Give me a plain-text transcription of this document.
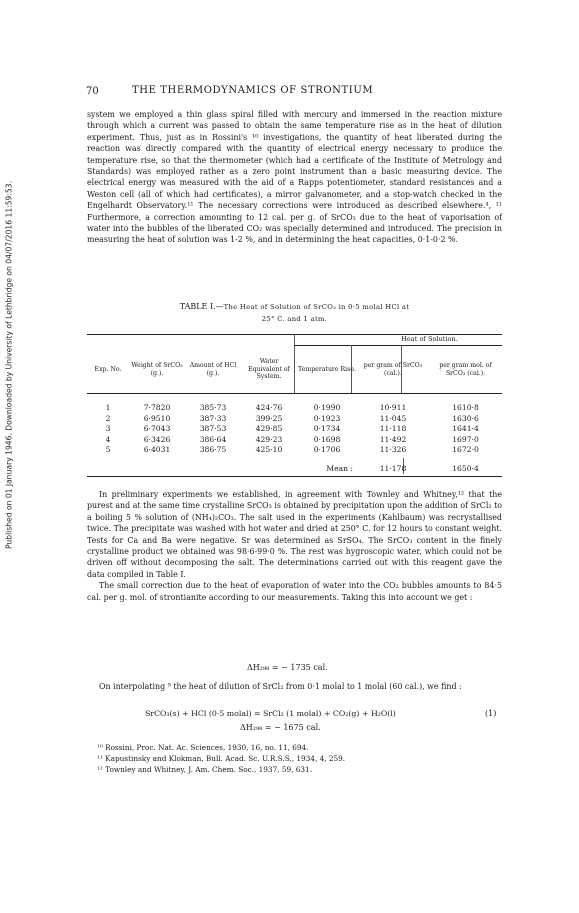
Published on 01 January 1946. Downloaded by University of Lethbridge on 04/07/2016 11:59:53.
70	THE THERMODYNAMICS OF STRONTIUM

system we employed a thin glass spiral filled with mercury and immersed in the reaction mixture through which a current was passed to obtain the same temperature rise as in the heat of dilution experiment. Thus, just as in Rossini's ¹⁰ investigations, the quantity of heat liberated during the reaction was directly compared with the quantity of electrical energy necessary to produce the temperature rise, so that the thermometer (which had a certificate of the Institute of Metrology and Standards) was employed rather as a zero point instrument than a basic measuring device. The electrical energy was measured with the aid of a Rapps potentiometer, standard resistances and a Weston cell (all of which had certificates), a mirror galvanometer, and a stop-watch checked in the Engelhardt Observatory.¹¹ The necessary corrections were introduced as described elsewhere.⁴, ¹¹ Furthermore, a correction amounting to 12 cal. per g. of SrCO₃ due to the heat of vaporisation of water into the bubbles of the liberated CO₂ was specially determined and introduced. The precision in measuring the heat of solution was 1-2 %, and in determining the heat capacities, 0·1-0·2 %.

TABLE I.—The Heat of Solution of SrCO₃ in 0·5 molal HCl at
25° C. and 1 atm.
					Heat of Solution.	
Exp. No.	Weight of SrCO₃ (g.).	Amount of HCl (g.).	Water Equivalent of System.	Temperature Rise.	per gram of SrCO₃ (cal.).	per gram mol. of SrCO₃ (cal.).

1	7·7820	385·73	424·76	0·1990	10·911	1610·8
2	6·9510	387·33	399·25	0·1923	11·045	1630·6
3	6·7043	387·53	429·85	0·1734	11·118	1641·4
4	6·3426	386·64	429·23	0·1698	11·492	1697·0
5	6·4031	386·75	425·10	0·1706	11·326	1672·0

Mean :					11·178	1650·4

In preliminary experiments we established, in agreement with Townley and Whitney,¹² that the purest and at the same time crystalline SrCO₃ is obtained by precipitation upon the addition of SrCl₂ to a boiling 5 % solution of (NH₄)₂CO₃. The salt used in the experiments (Kahlbaum) was recrystallised twice. The precipitate was washed with hot water and dried at 250° C. for 12 hours to constant weight. Tests for Ca and Ba were negative. Sr was determined as SrSO₄. The SrCO₃ content in the finely crystalline product we obtained was 98·6-99·0 %. The rest was hygroscopic water, which could not be driven off without decomposing the salt. The determinations carried out with this reagent gave the data compiled in Table I.

The small correction due to the heat of evaporation of water into the CO₂ bubbles amounts to 84·5 cal. per g. mol. of strontianite according to our measurements. Taking this into account we get :

ΔH₂₉₈ = − 1735 cal.

On interpolating ⁹ the heat of dilution of SrCl₂ from 0·1 molal to 1 molal (60 cal.), we find :

SrCO₃(s) + HCl (0·5 molal) = SrCl₂ (1 molal) + CO₂(g) + H₂O(l)	(1)
ΔH₂₉₈ = − 1675 cal.
¹⁰ Rossini, Proc. Nat. Ac. Sciences, 1930, 16, no. 11, 694.
¹¹ Kapustinsky and Klokman, Bull. Acad. Sc. U.R.S.S., 1934, 4, 259.
¹² Townley and Whitney, J. Am. Chem. Soc., 1937, 59, 631.
